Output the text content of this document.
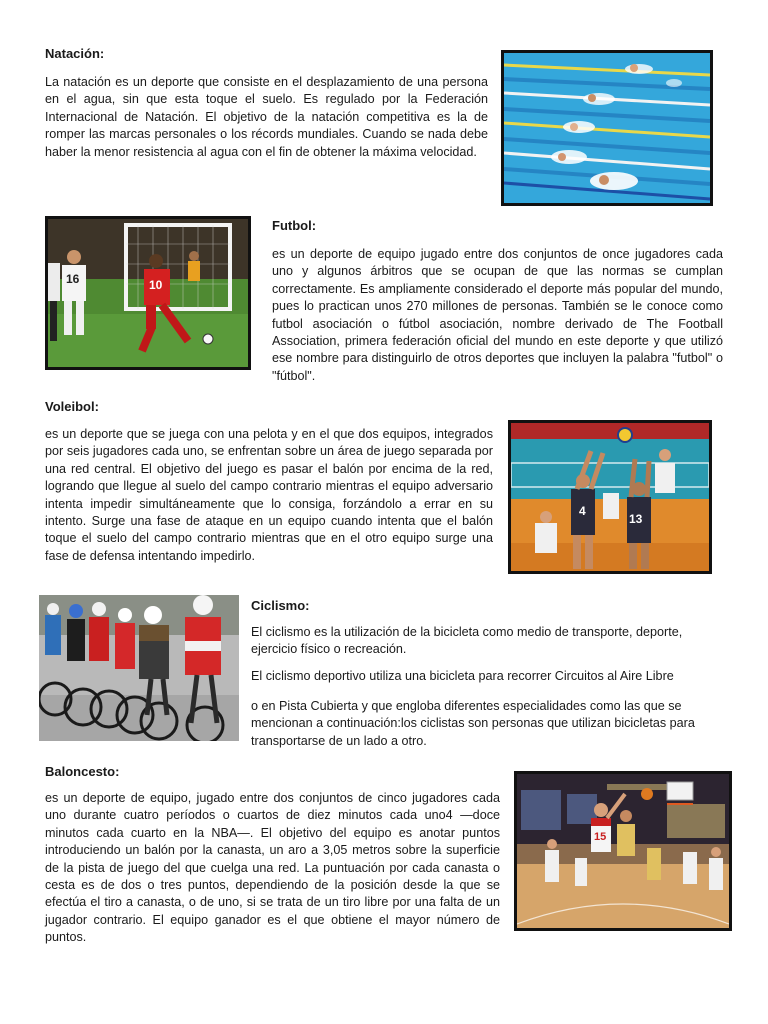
Natación:

La natación es un deporte que consiste en el desplazamiento de una persona en el agua, sin que esta toque el suelo. Es regulado por la Federación Internacional de Natación. El objetivo de la natación competitiva es la de romper las marcas personales o los récords mundiales. Cuando se nada debe haber la menor resistencia al agua con el fin de obtener la máxima velocidad.

16	10
Futbol:

es un deporte de equipo jugado entre dos conjuntos de once jugadores cada uno y algunos árbitros que se ocupan de que las normas se cumplan correctamente. Es ampliamente considerado el deporte más popular del mundo, pues lo practican unos 270 millones de personas. También se le conoce como futbol asociación o fútbol asociación, nombre derivado de The Football Association, primera federación oficial del mundo en este deporte y que utilizó ese nombre para distinguirlo de otros deportes que incluyen la palabra "futbol" o "fútbol".

Voleibol:

es un deporte que se juega con una pelota y en el que dos equipos, integrados por seis jugadores cada uno, se enfrentan sobre un área de juego separada por una red central. El objetivo del juego es pasar el balón por encima de la red, logrando que llegue al suelo del campo contrario mientras el equipo adversario intenta impedir simultáneamente que lo consiga, forzándolo a errar en su intento. Surge una fase de ataque en un equipo cuando intenta que el balón toque el suelo del campo contrario mientras que en el otro equipo surge una fase de defensa intentando impedirlo.

4
13
Ciclismo:

El ciclismo es la utilización de la bicicleta como medio de transporte, deporte, ejercicio físico o recreación.

El ciclismo deportivo utiliza una bicicleta para recorrer Circuitos al Aire Libre

o en Pista Cubierta y que engloba diferentes especialidades como las que se mencionan a continuación:los ciclistas son personas que utilizan bicicletas para transportarse de un lado a otro.

Baloncesto:

es un deporte de equipo, jugado entre dos conjuntos de cinco jugadores cada uno durante cuatro períodos o cuartos de diez minutos cada uno4 —doce minutos cada cuarto en la NBA—. El objetivo del equipo es anotar puntos introduciendo un balón por la canasta, un aro a 3,05 metros sobre la superficie de la pista de juego del que cuelga una red. La puntuación por cada canasta o cesta es de dos o tres puntos, dependiendo de la posición desde la que se efectúa el tiro a canasta, o de uno, si se trata de un tiro libre por una falta de un jugador contrario. El equipo ganador es el que obtiene el mayor número de puntos.

15
